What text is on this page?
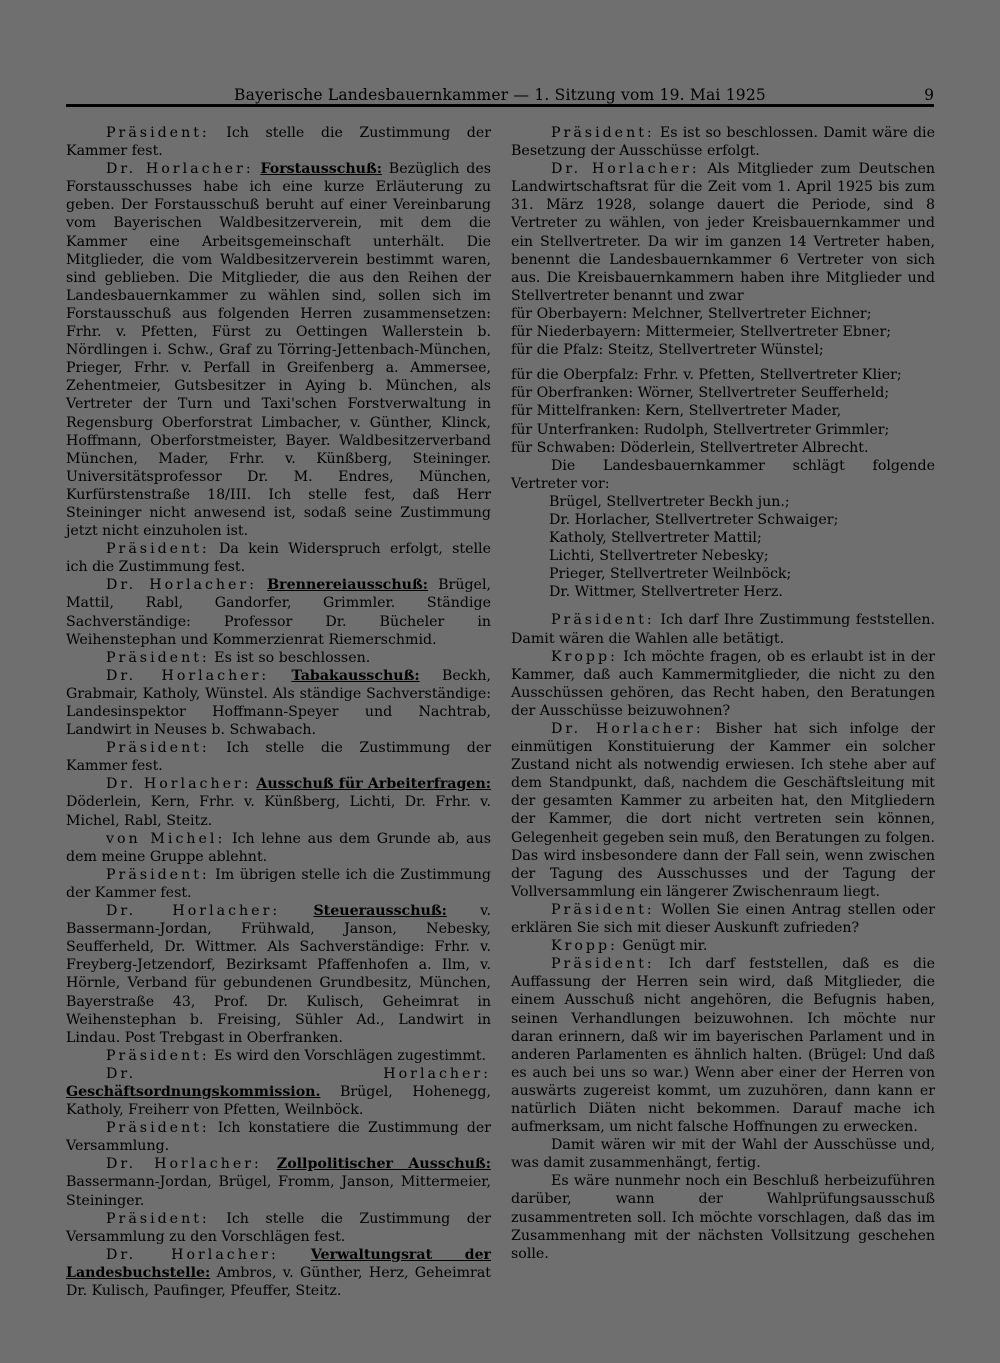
Bayerische Landesbauernkammer — 1. Sitzung vom 19. Mai 1925	9

Präsident: Ich stelle die Zustimmung der Kammer fest.

Dr. Horlacher: Forstausschuß: Bezüglich des Forstausschusses habe ich eine kurze Erläuterung zu geben. Der Forstausschuß beruht auf einer Vereinbarung vom Bayerischen Waldbesitzerverein, mit dem die Kammer eine Arbeitsgemeinschaft unterhält. Die Mitglieder, die vom Waldbesitzerverein bestimmt waren, sind geblieben. Die Mitglieder, die aus den Reihen der Landesbauernkammer zu wählen sind, sollen sich im Forstausschuß aus folgenden Herren zusammensetzen: Frhr. v. Pfetten, Fürst zu Oettingen Wallerstein b. Nördlingen i. Schw., Graf zu Törring-Jettenbach-München, Prieger, Frhr. v. Perfall in Greifenberg a. Ammersee, Zehentmeier, Gutsbesitzer in Aying b. München, als Vertreter der Turn und Taxi'schen Forstverwaltung in Regensburg Oberforstrat Limbacher, v. Günther, Klinck, Hoffmann, Oberforstmeister, Bayer. Waldbesitzerverband München, Mader, Frhr. v. Künßberg, Steininger. Universitätsprofessor Dr. M. Endres, München, Kurfürstenstraße 18/III. Ich stelle fest, daß Herr Steininger nicht anwesend ist, sodaß seine Zustimmung jetzt nicht einzuholen ist.

Präsident: Da kein Widerspruch erfolgt, stelle ich die Zustimmung fest.

Dr. Horlacher: Brennereiausschuß: Brügel, Mattil, Rabl, Gandorfer, Grimmler. Ständige Sachverständige: Professor Dr. Bücheler in Weihenstephan und Kommerzienrat Riemerschmid.

Präsident: Es ist so beschlossen.

Dr. Horlacher: Tabakausschuß: Beckh, Grabmair, Katholy, Wünstel. Als ständige Sachverständige: Landesinspektor Hoffmann-Speyer und Nachtrab, Landwirt in Neuses b. Schwabach.

Präsident: Ich stelle die Zustimmung der Kammer fest.

Dr. Horlacher: Ausschuß für Arbeiterfragen: Döderlein, Kern, Frhr. v. Künßberg, Lichti, Dr. Frhr. v. Michel, Rabl, Steitz.

von Michel: Ich lehne aus dem Grunde ab, aus dem meine Gruppe ablehnt.

Präsident: Im übrigen stelle ich die Zustimmung der Kammer fest.

Dr. Horlacher: Steuerausschuß: v. Bassermann-Jordan, Frühwald, Janson, Nebesky, Seufferheld, Dr. Wittmer. Als Sachverständige: Frhr. v. Freyberg-Jetzendorf, Bezirksamt Pfaffenhofen a. Ilm, v. Hörnle, Verband für gebundenen Grundbesitz, München, Bayerstraße 43, Prof. Dr. Kulisch, Geheimrat in Weihenstephan b. Freising, Sühler Ad., Landwirt in Lindau. Post Trebgast in Oberfranken.

Präsident: Es wird den Vorschlägen zugestimmt.

Dr. Horlacher: Geschäftsordnungskommission. Brügel, Hohenegg, Katholy, Freiherr von Pfetten, Weilnböck.

Präsident: Ich konstatiere die Zustimmung der Versammlung.

Dr. Horlacher: Zollpolitischer Ausschuß: Bassermann-Jordan, Brügel, Fromm, Janson, Mittermeier, Steininger.

Präsident: Ich stelle die Zustimmung der Versammlung zu den Vorschlägen fest.

Dr. Horlacher: Verwaltungsrat der Landesbuchstelle: Ambros, v. Günther, Herz, Geheimrat Dr. Kulisch, Paufinger, Pfeuffer, Steitz.

Präsident: Es ist so beschlossen. Damit wäre die Besetzung der Ausschüsse erfolgt.

Dr. Horlacher: Als Mitglieder zum Deutschen Landwirtschaftsrat für die Zeit vom 1. April 1925 bis zum 31. März 1928, solange dauert die Periode, sind 8 Vertreter zu wählen, von jeder Kreisbauernkammer und ein Stellvertreter. Da wir im ganzen 14 Vertreter haben, benennt die Landesbauernkammer 6 Vertreter von sich aus. Die Kreisbauernkammern haben ihre Mitglieder und Stellvertreter benannt und zwar

für Oberbayern: Melchner, Stellvertreter Eichner;
für Niederbayern: Mittermeier, Stellvertreter Ebner;
für die Pfalz: Steitz, Stellvertreter Wünstel;
für die Oberpfalz: Frhr. v. Pfetten, Stellvertreter Klier;
für Oberfranken: Wörner, Stellvertreter Seufferheld;
für Mittelfranken: Kern, Stellvertreter Mader,
für Unterfranken: Rudolph, Stellvertreter Grimmler;
für Schwaben: Döderlein, Stellvertreter Albrecht.

Die Landesbauernkammer schlägt folgende Vertreter vor:

Brügel, Stellvertreter Beckh jun.;
Dr. Horlacher, Stellvertreter Schwaiger;
Katholy, Stellvertreter Mattil;
Lichti, Stellvertreter Nebesky;
Prieger, Stellvertreter Weilnböck;
Dr. Wittmer, Stellvertreter Herz.

Präsident: Ich darf Ihre Zustimmung feststellen. Damit wären die Wahlen alle betätigt.

Kropp: Ich möchte fragen, ob es erlaubt ist in der Kammer, daß auch Kammermitglieder, die nicht zu den Ausschüssen gehören, das Recht haben, den Beratungen der Ausschüsse beizuwohnen?

Dr. Horlacher: Bisher hat sich infolge der einmütigen Konstituierung der Kammer ein solcher Zustand nicht als notwendig erwiesen. Ich stehe aber auf dem Standpunkt, daß, nachdem die Geschäftsleitung mit der gesamten Kammer zu arbeiten hat, den Mitgliedern der Kammer, die dort nicht vertreten sein können, Gelegenheit gegeben sein muß, den Beratungen zu folgen. Das wird insbesondere dann der Fall sein, wenn zwischen der Tagung des Ausschusses und der Tagung der Vollversammlung ein längerer Zwischenraum liegt.

Präsident: Wollen Sie einen Antrag stellen oder erklären Sie sich mit dieser Auskunft zufrieden?

Kropp: Genügt mir.

Präsident: Ich darf feststellen, daß es die Auffassung der Herren sein wird, daß Mitglieder, die einem Ausschuß nicht angehören, die Befugnis haben, seinen Verhandlungen beizuwohnen. Ich möchte nur daran erinnern, daß wir im bayerischen Parlament und in anderen Parlamenten es ähnlich halten. (Brügel: Und daß es auch bei uns so war.) Wenn aber einer der Herren von auswärts zugereist kommt, um zuzuhören, dann kann er natürlich Diäten nicht bekommen. Darauf mache ich aufmerksam, um nicht falsche Hoffnungen zu erwecken.

Damit wären wir mit der Wahl der Ausschüsse und, was damit zusammenhängt, fertig.

Es wäre nunmehr noch ein Beschluß herbeizuführen darüber, wann der Wahlprüfungsausschuß zusammentreten soll. Ich möchte vorschlagen, daß das im Zusammenhang mit der nächsten Vollsitzung geschehen solle.
